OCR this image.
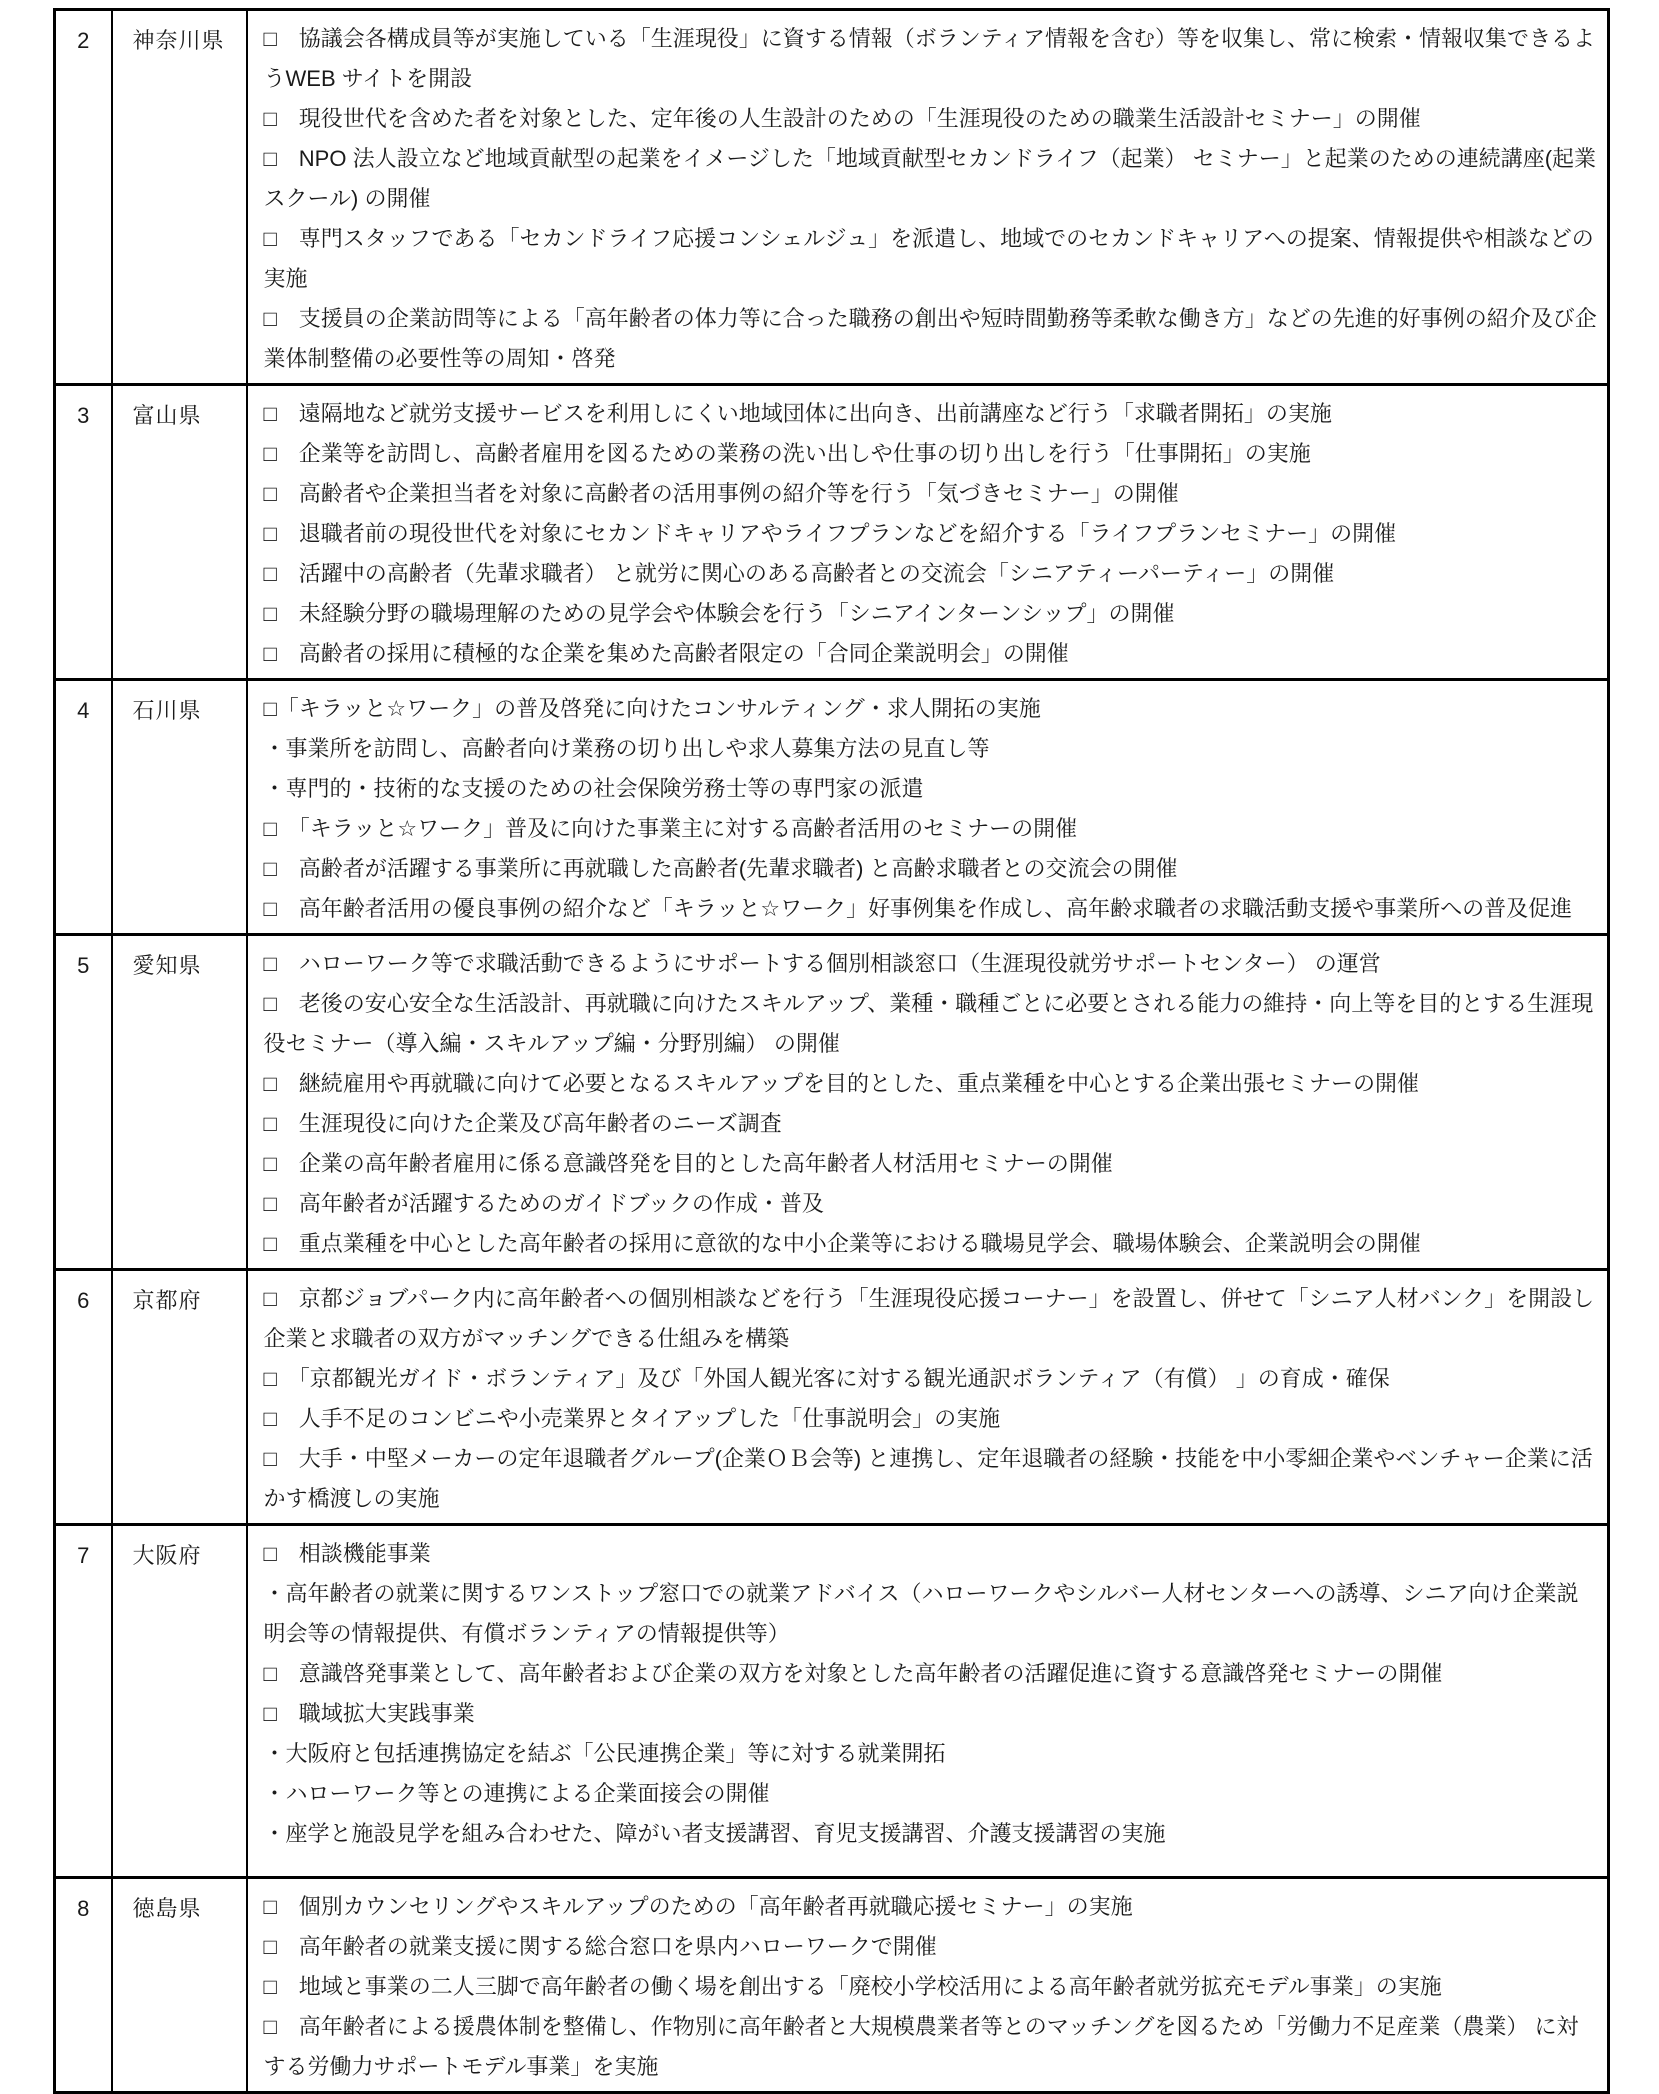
2	神奈川県	□　協議会各構成員等が実施している「生涯現役」に資する情報（ボランティア情報を含む）等を収集し、常に検索・情報収集できるようWEB サイトを開設

□　現役世代を含めた者を対象とした、定年後の人生設計のための「生涯現役のための職業生活設計セミナー」の開催

□　NPO 法人設立など地域貢献型の起業をイメージした「地域貢献型セカンドライフ（起業） セミナー」と起業のための連続講座(起業スクール) の開催

□　専門スタッフである「セカンドライフ応援コンシェルジュ」を派遣し、地域でのセカンドキャリアへの提案、情報提供や相談などの実施

□　支援員の企業訪問等による「高年齢者の体力等に合った職務の創出や短時間勤務等柔軟な働き方」などの先進的好事例の紹介及び企業体制整備の必要性等の周知・啓発

3	富山県	□　遠隔地など就労支援サービスを利用しにくい地域団体に出向き、出前講座など行う「求職者開拓」の実施

□　企業等を訪問し、高齢者雇用を図るための業務の洗い出しや仕事の切り出しを行う「仕事開拓」の実施

□　高齢者や企業担当者を対象に高齢者の活用事例の紹介等を行う「気づきセミナー」の開催

□　退職者前の現役世代を対象にセカンドキャリアやライフプランなどを紹介する「ライフプランセミナー」の開催

□　活躍中の高齢者（先輩求職者） と就労に関心のある高齢者との交流会「シニアティーパーティー」の開催

□　未経験分野の職場理解のための見学会や体験会を行う「シニアインターンシップ」の開催

□　高齢者の採用に積極的な企業を集めた高齢者限定の「合同企業説明会」の開催

4	石川県	□「キラッと☆ワーク」の普及啓発に向けたコンサルティング・求人開拓の実施

・事業所を訪問し、高齢者向け業務の切り出しや求人募集方法の見直し等

・専門的・技術的な支援のための社会保険労務士等の専門家の派遣

□　「キラッと☆ワーク」普及に向けた事業主に対する高齢者活用のセミナーの開催

□　高齢者が活躍する事業所に再就職した高齢者(先輩求職者) と高齢求職者との交流会の開催

□　高年齢者活用の優良事例の紹介など「キラッと☆ワーク」好事例集を作成し、高年齢求職者の求職活動支援や事業所への普及促進

5	愛知県	□　ハローワーク等で求職活動できるようにサポートする個別相談窓口（生涯現役就労サポートセンター） の運営

□　老後の安心安全な生活設計、再就職に向けたスキルアップ、業種・職種ごとに必要とされる能力の維持・向上等を目的とする生涯現役セミナー（導入編・スキルアップ編・分野別編） の開催

□　継続雇用や再就職に向けて必要となるスキルアップを目的とした、重点業種を中心とする企業出張セミナーの開催

□　生涯現役に向けた企業及び高年齢者のニーズ調査

□　企業の高年齢者雇用に係る意識啓発を目的とした高年齢者人材活用セミナーの開催

□　高年齢者が活躍するためのガイドブックの作成・普及

□　重点業種を中心とした高年齢者の採用に意欲的な中小企業等における職場見学会、職場体験会、企業説明会の開催

6	京都府	□　京都ジョブパーク内に高年齢者への個別相談などを行う「生涯現役応援コーナー」を設置し、併せて「シニア人材バンク」を開設し企業と求職者の双方がマッチングできる仕組みを構築

□　「京都観光ガイド・ボランティア」及び「外国人観光客に対する観光通訳ボランティア（有償） 」の育成・確保

□　人手不足のコンビニや小売業界とタイアップした「仕事説明会」の実施

□　大手・中堅メーカーの定年退職者グループ(企業ＯＢ会等) と連携し、定年退職者の経験・技能を中小零細企業やベンチャー企業に活かす橋渡しの実施

7	大阪府	□　相談機能事業

・高年齢者の就業に関するワンストップ窓口での就業アドバイス（ハローワークやシルバー人材センターへの誘導、シニア向け企業説明会等の情報提供、有償ボランティアの情報提供等）

□　意識啓発事業として、高年齢者および企業の双方を対象とした高年齢者の活躍促進に資する意識啓発セミナーの開催

□　職域拡大実践事業

・大阪府と包括連携協定を結ぶ「公民連携企業」等に対する就業開拓

・ハローワーク等との連携による企業面接会の開催

・座学と施設見学を組み合わせた、障がい者支援講習、育児支援講習、介護支援講習の実施

8	徳島県	□　個別カウンセリングやスキルアップのための「高年齢者再就職応援セミナー」の実施

□　高年齢者の就業支援に関する総合窓口を県内ハローワークで開催

□　地域と事業の二人三脚で高年齢者の働く場を創出する「廃校小学校活用による高年齢者就労拡充モデル事業」の実施

□　高年齢者による援農体制を整備し、作物別に高年齢者と大規模農業者等とのマッチングを図るため「労働力不足産業（農業） に対する労働力サポートモデル事業」を実施
